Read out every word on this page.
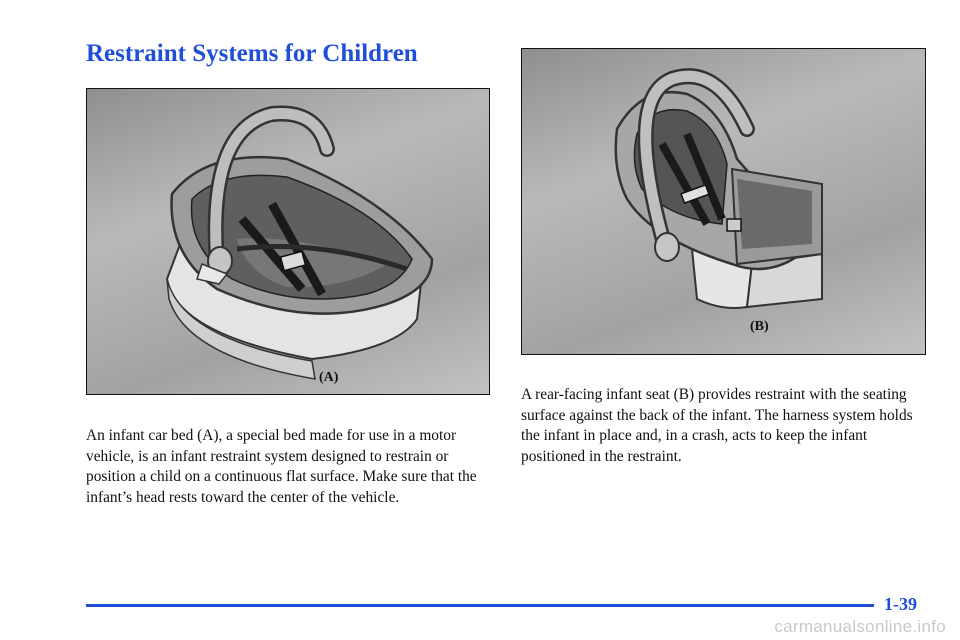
Restraint Systems for Children
(A)
(B)

An infant car bed (A), a special bed made for use in a motor vehicle, is an infant restraint system designed to restrain or position a child on a continuous flat surface. Make sure that the infant’s head rests toward the center of the vehicle.

A rear-facing infant seat (B) provides restraint with the seating surface against the back of the infant. The harness system holds the infant in place and, in a crash, acts to keep the infant positioned in the restraint.

1-39
carmanualsonline.info
